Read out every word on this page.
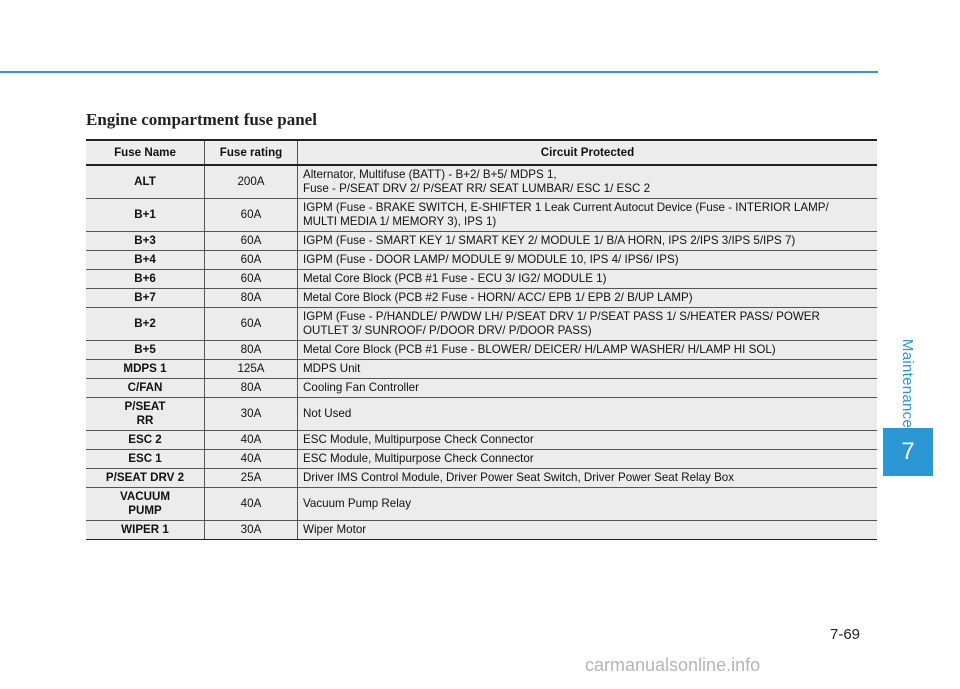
Maintenance
7
Engine compartment fuse panel
Fuse Name	Fuse rating	Circuit Protected
ALT	200A	Alternator, Multifuse (BATT) - B+2/ B+5/ MDPS 1,
Fuse - P/SEAT DRV 2/ P/SEAT RR/ SEAT LUMBAR/ ESC 1/ ESC 2

B+1	60A	IGPM (Fuse - BRAKE SWITCH, E-SHIFTER 1 Leak Current Autocut Device (Fuse - INTERIOR LAMP/
MULTI MEDIA 1/ MEMORY 3), IPS 1)

B+3	60A	IGPM (Fuse - SMART KEY 1/ SMART KEY 2/ MODULE 1/ B/A HORN, IPS 2/IPS 3/IPS 5/IPS 7)

B+4	60A	IGPM (Fuse - DOOR LAMP/ MODULE 9/ MODULE 10, IPS 4/ IPS6/ IPS)

B+6	60A	Metal Core Block (PCB #1 Fuse - ECU 3/ IG2/ MODULE 1)

B+7	80A	Metal Core Block (PCB #2 Fuse - HORN/ ACC/ EPB 1/ EPB 2/ B/UP LAMP)

B+2	60A	IGPM (Fuse - P/HANDLE/ P/WDW LH/ P/SEAT DRV 1/ P/SEAT PASS 1/ S/HEATER PASS/ POWER
OUTLET 3/ SUNROOF/ P/DOOR DRV/ P/DOOR PASS)

B+5	80A	Metal Core Block (PCB #1 Fuse - BLOWER/ DEICER/ H/LAMP WASHER/ H/LAMP HI SOL)

MDPS 1	125A	MDPS Unit

C/FAN	80A	Cooling Fan Controller

P/SEAT
RR	30A	Not Used

ESC 2	40A	ESC Module, Multipurpose Check Connector

ESC 1	40A	ESC Module, Multipurpose Check Connector

P/SEAT DRV 2	25A	Driver IMS Control Module, Driver Power Seat Switch, Driver Power Seat Relay Box

VACUUM
PUMP	40A	Vacuum Pump Relay

WIPER 1	30A	Wiper Motor
7-69
carmanualsonline.info
